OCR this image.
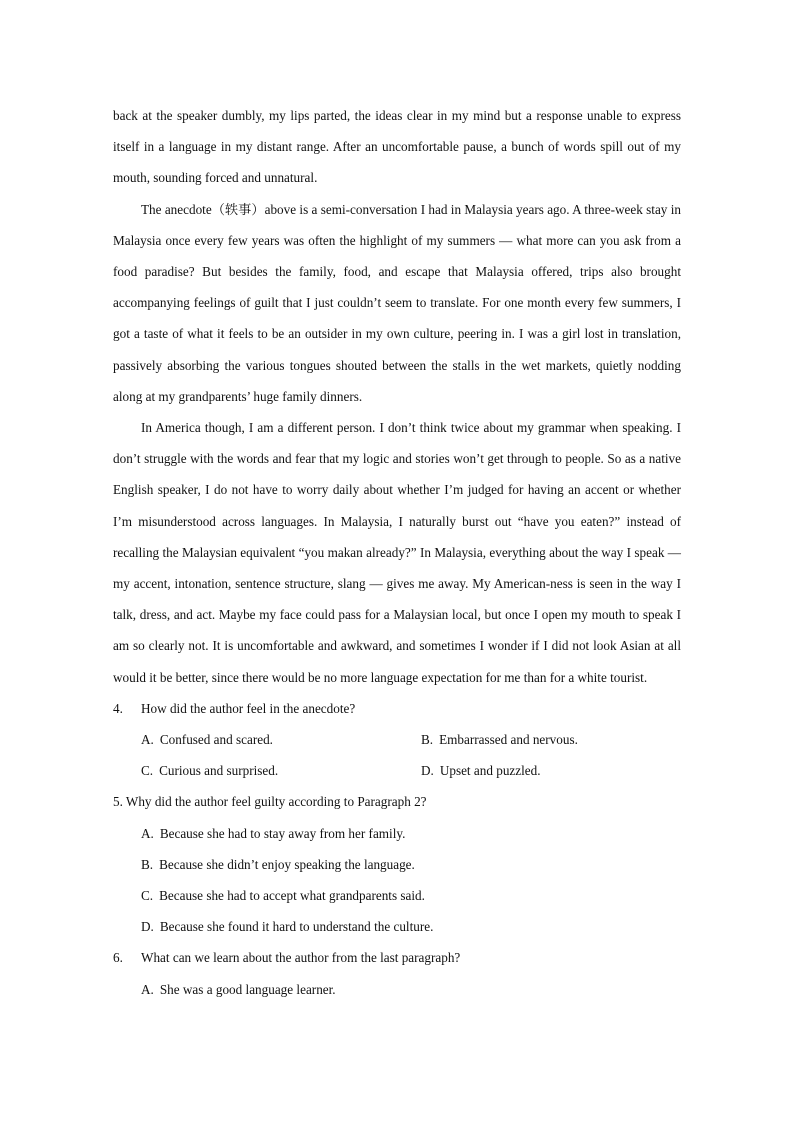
back at the speaker dumbly, my lips parted, the ideas clear in my mind but a response unable to express itself in a language in my distant range. After an uncomfortable pause, a bunch of words spill out of my mouth, sounding forced and unnatural.

The anecdote（轶事）above is a semi-conversation I had in Malaysia years ago. A three-week stay in Malaysia once every few years was often the highlight of my summers — what more can you ask from a food paradise? But besides the family, food, and escape that Malaysia offered, trips also brought accompanying feelings of guilt that I just couldn’t seem to translate. For one month every few summers, I got a taste of what it feels to be an outsider in my own culture, peering in. I was a girl lost in translation, passively absorbing the various tongues shouted between the stalls in the wet markets, quietly nodding along at my grandparents’ huge family dinners.

In America though, I am a different person. I don’t think twice about my grammar when speaking. I don’t struggle with the words and fear that my logic and stories won’t get through to people. So as a native English speaker, I do not have to worry daily about whether I’m judged for having an accent or whether I’m misunderstood across languages. In Malaysia, I naturally burst out “have you eaten?” instead of recalling the Malaysian equivalent “you makan already?” In Malaysia, everything about the way I speak — my accent, intonation, sentence structure, slang — gives me away. My American-ness is seen in the way I talk, dress, and act. Maybe my face could pass for a Malaysian local, but once I open my mouth to speak I am so clearly not. It is uncomfortable and awkward, and sometimes I wonder if I did not look Asian at all would it be better, since there would be no more language expectation for me than for a white tourist.

4.	How did the author feel in the anecdote?
A. Confused and scared.	B. Embarrassed and nervous.
C. Curious and surprised.	D. Upset and puzzled.
5. Why did the author feel guilty according to Paragraph 2?
A. Because she had to stay away from her family.
B. Because she didn’t enjoy speaking the language.
C. Because she had to accept what grandparents said.
D. Because she found it hard to understand the culture.
6.	What can we learn about the author from the last paragraph?
A. She was a good language learner.
